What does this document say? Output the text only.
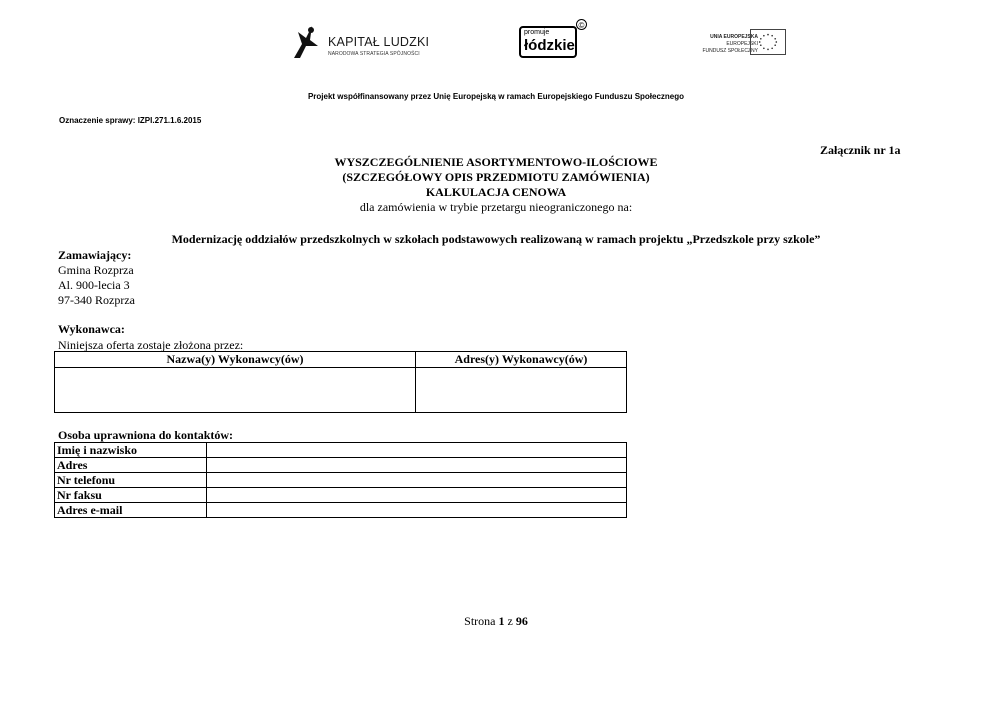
KAPITAŁ LUDZKI
NARODOWA STRATEGIA SPÓJNOŚCI
promuje
łódzkie
©
UNIA EUROPEJSKA
EUROPEJSKI
FUNDUSZ SPOŁECZNY
Projekt współfinansowany przez Unię Europejską w ramach Europejskiego Funduszu Społecznego
Oznaczenie sprawy: IZPI.271.1.6.2015
Załącznik nr 1a
WYSZCZEGÓLNIENIE ASORTYMENTOWO-ILOŚCIOWE
(SZCZEGÓŁOWY OPIS PRZEDMIOTU ZAMÓWIENIA)
KALKULACJA CENOWA
dla zamówienia w trybie przetargu nieograniczonego na:
Modernizację oddziałów przedszkolnych w szkołach podstawowych realizowaną w ramach projektu „Przedszkole przy szkole”
Zamawiający:
Gmina Rozprza
Al. 900-lecia 3
97-340 Rozprza
Wykonawca:
Niniejsza oferta zostaje złożona przez:
Nazwa(y) Wykonawcy(ów)	Adres(y) Wykonawcy(ów)

Osoba uprawniona do kontaktów:
Imię i nazwisko	
Adres	
Nr telefonu	
Nr faksu	
Adres e-mail	
Strona 1 z 96
